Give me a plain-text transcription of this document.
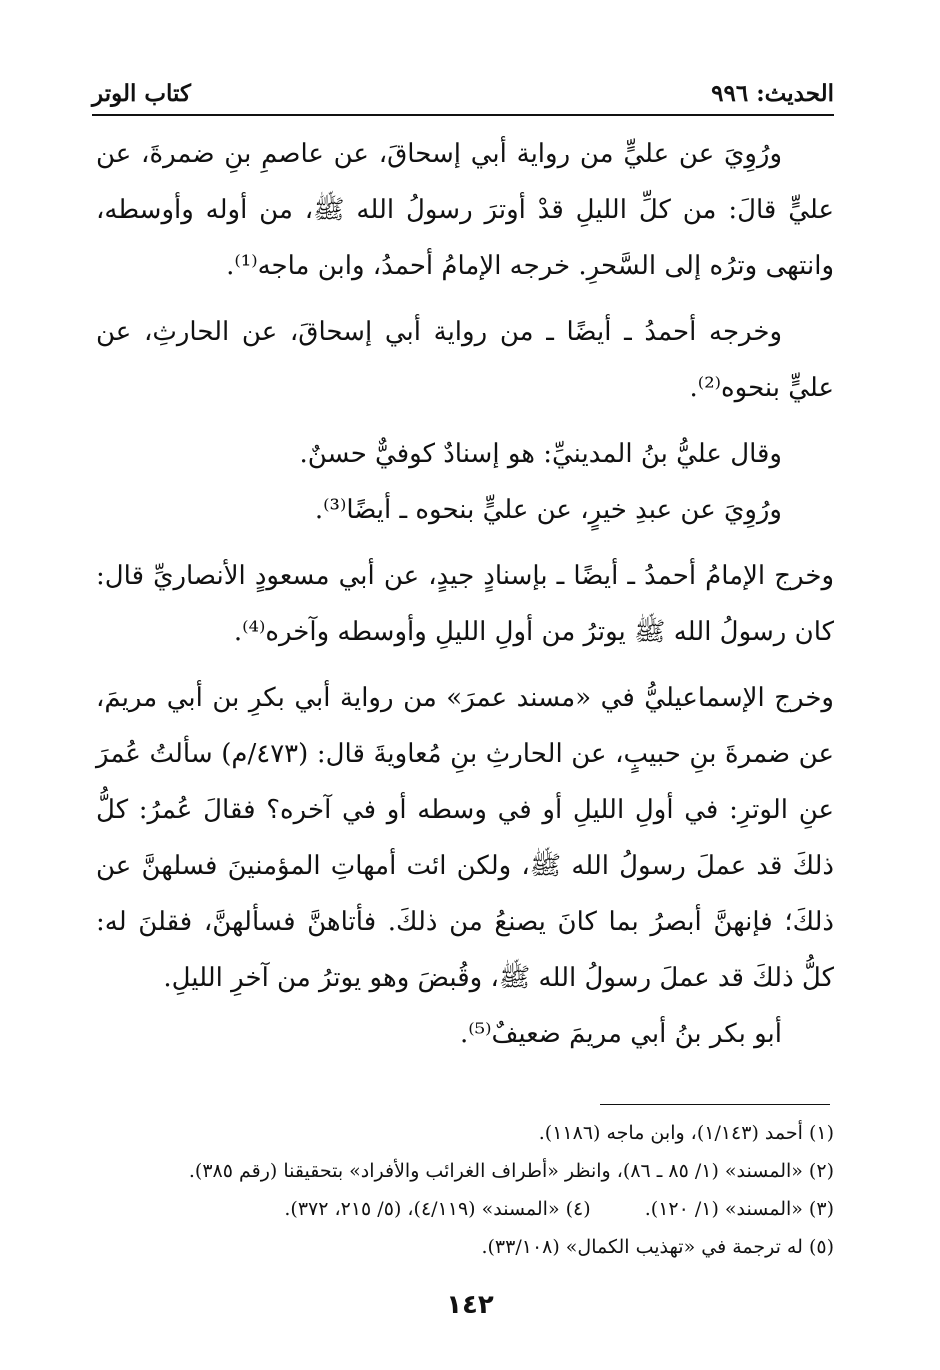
الحديث: ٩٩٦
كتاب الوتر

ورُوِيَ عن عليٍّ من رواية أبي إسحاقَ، عن عاصمِ بنِ ضمرةَ، عن عليٍّ قالَ: من كلِّ الليلِ قدْ أوترَ رسولُ الله ﷺ، من أوله وأوسطه، وانتهى وترُه إلى السَّحرِ. خرجه الإمامُ أحمدُ، وابن ماجه⁽¹⁾.

وخرجه أحمدُ ـ أيضًا ـ من رواية أبي إسحاقَ، عن الحارثِ، عن عليٍّ بنحوه⁽²⁾.

وقال عليُّ بنُ المدينيِّ: هو إسنادٌ كوفيٌّ حسنٌ.

ورُوِيَ عن عبدِ خيرٍ، عن عليٍّ بنحوه ـ أيضًا⁽³⁾.

وخرج الإمامُ أحمدُ ـ أيضًا ـ بإسنادٍ جيدٍ، عن أبي مسعودٍ الأنصاريِّ قال: كان رسولُ الله ﷺ يوترُ من أولِ الليلِ وأوسطه وآخره⁽⁴⁾.

وخرج الإسماعيليُّ في «مسند عمرَ» من رواية أبي بكرِ بن أبي مريمَ، عن ضمرةَ بنِ حبيبٍ، عن الحارثِ بنِ مُعاويةَ قال: (٤٧٣/م) سألتُ عُمرَ عنِ الوترِ: في أولِ الليلِ أو في وسطه أو في آخره؟ فقالَ عُمرُ: كلُّ ذلكَ قد عملَ رسولُ الله ﷺ، ولكن ائت أمهاتِ المؤمنينَ فسلهنَّ عن ذلكَ؛ فإنهنَّ أبصرُ بما كانَ يصنعُ من ذلكَ. فأتاهنَّ فسألهنَّ، فقلنَ له: كلُّ ذلكَ قد عملَ رسولُ الله ﷺ، وقُبضَ وهو يوترُ من آخرِ الليلِ.

أبو بكر بنُ أبي مريمَ ضعيفٌ⁽⁵⁾.

(١) أحمد (١/١٤٣)، وابن ماجه (١١٨٦).

(٢) «المسند» (١/ ٨٥ ـ ٨٦)، وانظر «أطراف الغرائب والأفراد» بتحقيقنا (رقم ٣٨٥).

(٣) «المسند» (١/ ١٢٠). (٤) «المسند» (٤/١١٩)، (٥/ ٢١٥، ٣٧٢).

(٥) له ترجمة في «تهذيب الكمال» (٣٣/١٠٨).

١٤٢
